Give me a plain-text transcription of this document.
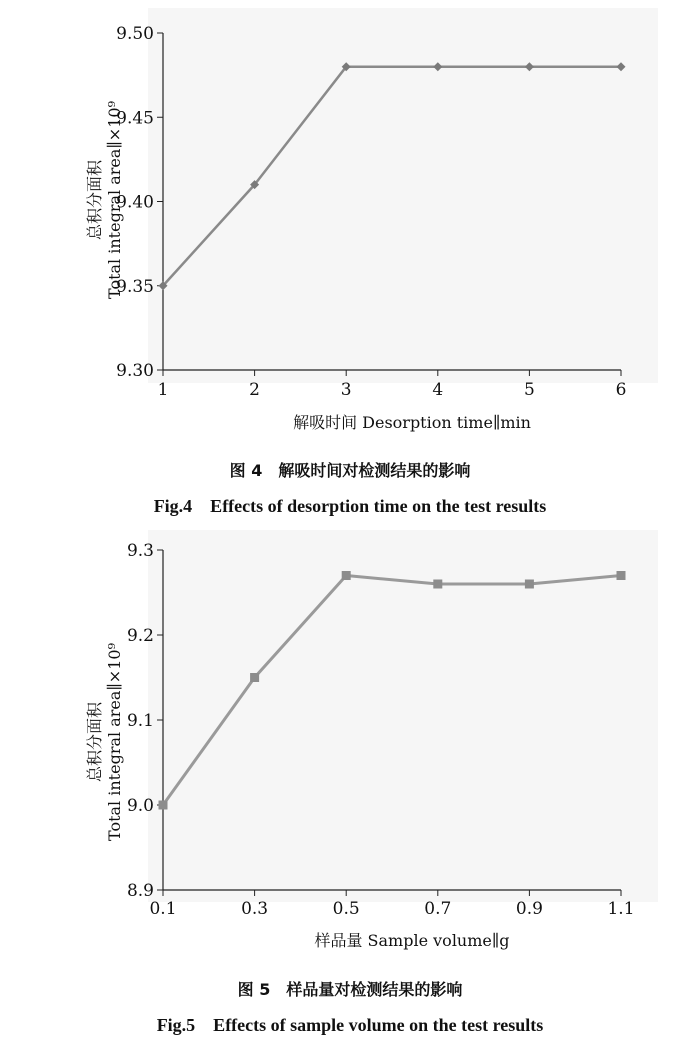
9.50
9.45
9.40
9.35
9.30
1	2	3	4	5	6
解吸时间 Desorption time∥min
总积分面积 Total integral area∥×10⁹
图 4　解吸时间对检测结果的影响
Fig.4　Effects of desorption time on the test results
9.3
9.2
9.1
9.0
8.9
0.1	0.3	0.5	0.7	0.9	1.1
样品量 Sample volume∥g
总积分面积 Total integral area∥×10⁹
图 5　样品量对检测结果的影响
Fig.5　Effects of sample volume on the test results
